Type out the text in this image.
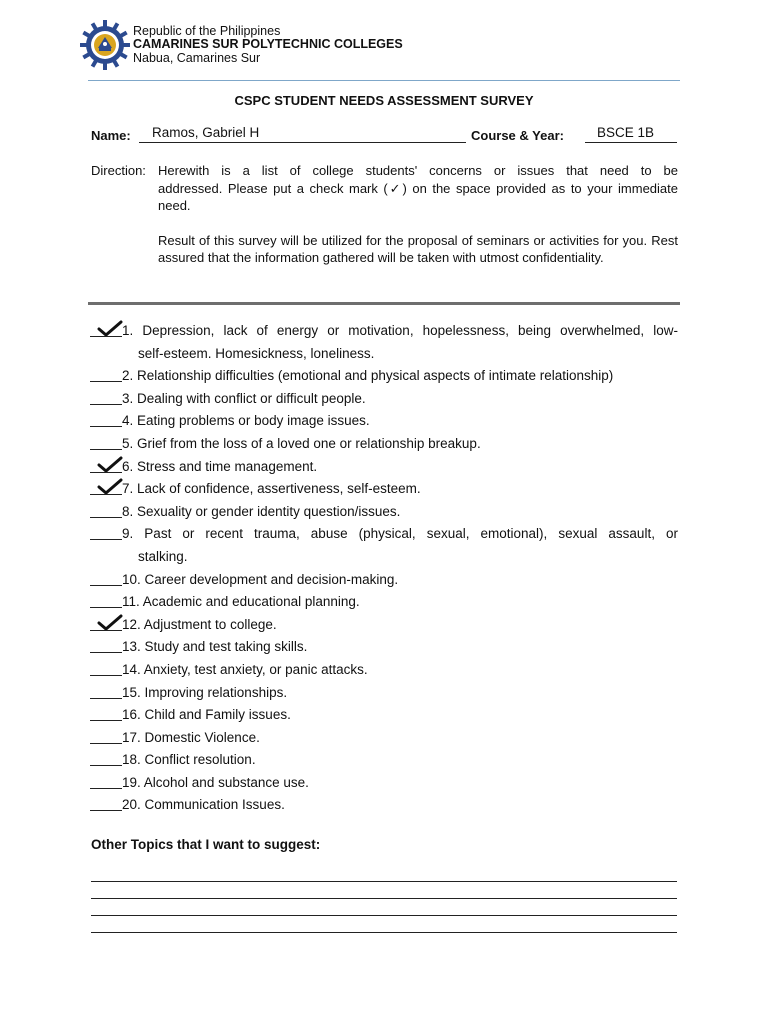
Republic of the Philippines
CAMARINES SUR POLYTECHNIC COLLEGES
Nabua, Camarines Sur
CSPC STUDENT NEEDS ASSESSMENT SURVEY
Name: Ramos, Gabriel H	Course & Year: BSCE 1B
Direction: Herewith is a list of college students' concerns or issues that need to be
addressed. Please put a check mark (✓) on the space provided as to your immediate need.
Result of this survey will be utilized for the proposal of seminars or activities for you. Rest assured that the information gathered will be taken with utmost confidentiality.
1. Depression, lack of energy or motivation, hopelessness, being overwhelmed, low-
self-esteem. Homesickness, loneliness.
2. Relationship difficulties (emotional and physical aspects of intimate relationship)
3. Dealing with conflict or difficult people.
4. Eating problems or body image issues.
5. Grief from the loss of a loved one or relationship breakup.
6. Stress and time management.
7. Lack of confidence, assertiveness, self-esteem.
8. Sexuality or gender identity question/issues.
9. Past or recent trauma, abuse (physical, sexual, emotional), sexual assault, or
stalking.
10. Career development and decision-making.
11. Academic and educational planning.
12. Adjustment to college.
13. Study and test taking skills.
14. Anxiety, test anxiety, or panic attacks.
15. Improving relationships.
16. Child and Family issues.
17. Domestic Violence.
18. Conflict resolution.
19. Alcohol and substance use.
20. Communication Issues.
Other Topics that I want to suggest:
